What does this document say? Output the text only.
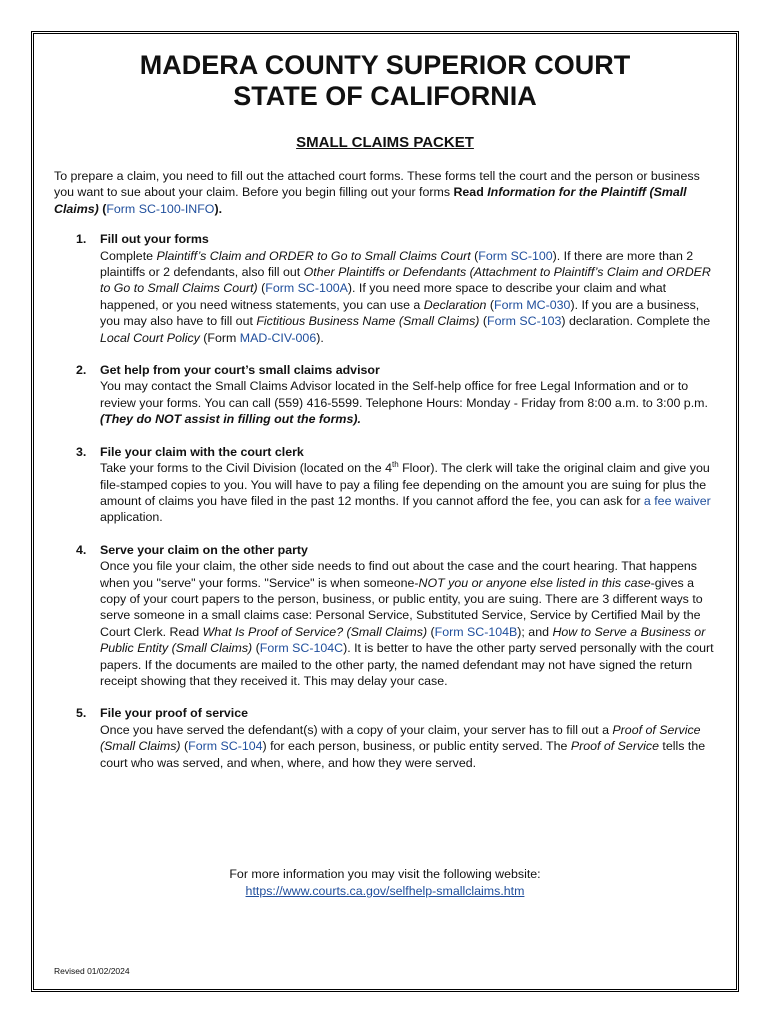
MADERA COUNTY SUPERIOR COURT
STATE OF CALIFORNIA
SMALL CLAIMS PACKET
To prepare a claim, you need to fill out the attached court forms. These forms tell the court and the person or business you want to sue about your claim. Before you begin filling out your forms Read Information for the Plaintiff (Small Claims) (Form SC-100-INFO).
1. Fill out your forms
Complete Plaintiff’s Claim and ORDER to Go to Small Claims Court (Form SC-100). If there are more than 2 plaintiffs or 2 defendants, also fill out Other Plaintiffs or Defendants (Attachment to Plaintiff’s Claim and ORDER to Go to Small Claims Court) (Form SC-100A). If you need more space to describe your claim and what happened, or you need witness statements, you can use a Declaration (Form MC-030). If you are a business, you may also have to fill out Fictitious Business Name (Small Claims) (Form SC-103) declaration. Complete the Local Court Policy (Form MAD-CIV-006).
2. Get help from your court’s small claims advisor
You may contact the Small Claims Advisor located in the Self-help office for free Legal Information and or to review your forms. You can call (559) 416-5599. Telephone Hours: Monday - Friday from 8:00 a.m. to 3:00 p.m. (They do NOT assist in filling out the forms).
3. File your claim with the court clerk
Take your forms to the Civil Division (located on the 4th Floor). The clerk will take the original claim and give you file-stamped copies to you. You will have to pay a filing fee depending on the amount you are suing for plus the amount of claims you have filed in the past 12 months. If you cannot afford the fee, you can ask for a fee waiver application.
4. Serve your claim on the other party
Once you file your claim, the other side needs to find out about the case and the court hearing. That happens when you "serve" your forms. "Service" is when someone-NOT you or anyone else listed in this case-gives a copy of your court papers to the person, business, or public entity, you are suing. There are 3 different ways to serve someone in a small claims case: Personal Service, Substituted Service, Service by Certified Mail by the Court Clerk. Read What Is Proof of Service? (Small Claims) (Form SC-104B); and How to Serve a Business or Public Entity (Small Claims) (Form SC-104C). It is better to have the other party served personally with the court papers. If the documents are mailed to the other party, the named defendant may not have signed the return receipt showing that they received it. This may delay your case.
5. File your proof of service
Once you have served the defendant(s) with a copy of your claim, your server has to fill out a Proof of Service (Small Claims) (Form SC-104) for each person, business, or public entity served. The Proof of Service tells the court who was served, and when, where, and how they were served.
For more information you may visit the following website:
https://www.courts.ca.gov/selfhelp-smallclaims.htm
Revised 01/02/2024
